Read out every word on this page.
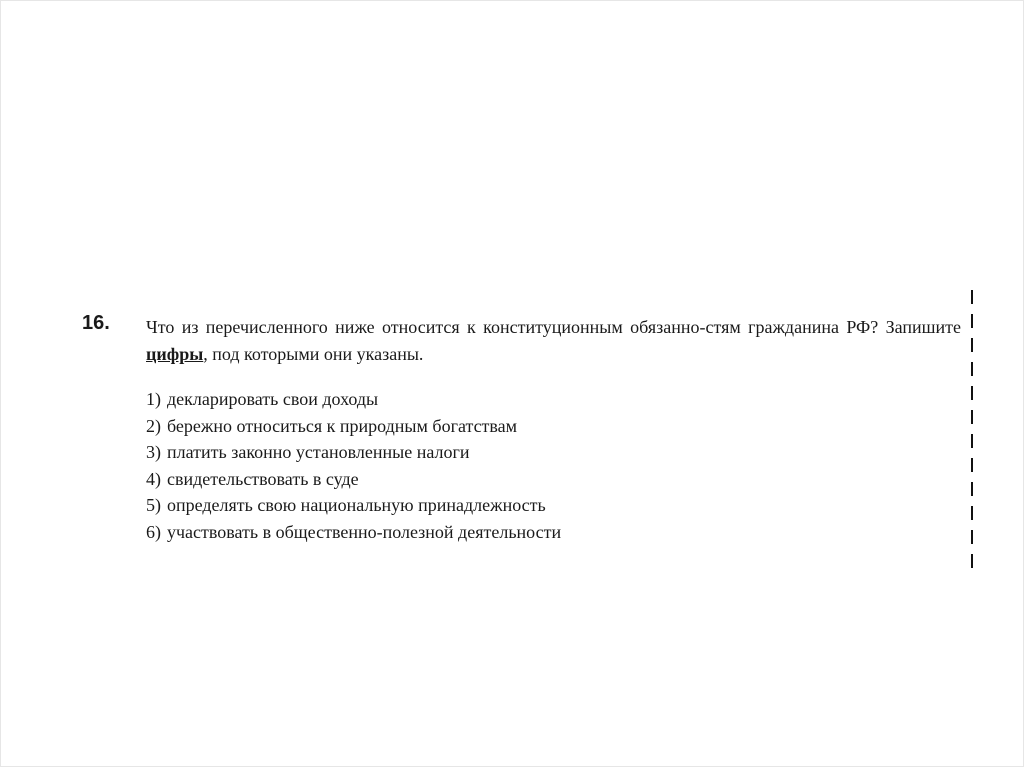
16. Что из перечисленного ниже относится к конституционным обязанно-стям гражданина РФ? Запишите цифры, под которыми они указаны.
1) декларировать свои доходы
2) бережно относиться к природным богатствам
3) платить законно установленные налоги
4) свидетельствовать в суде
5) определять свою национальную принадлежность
6) участвовать в общественно-полезной деятельности
